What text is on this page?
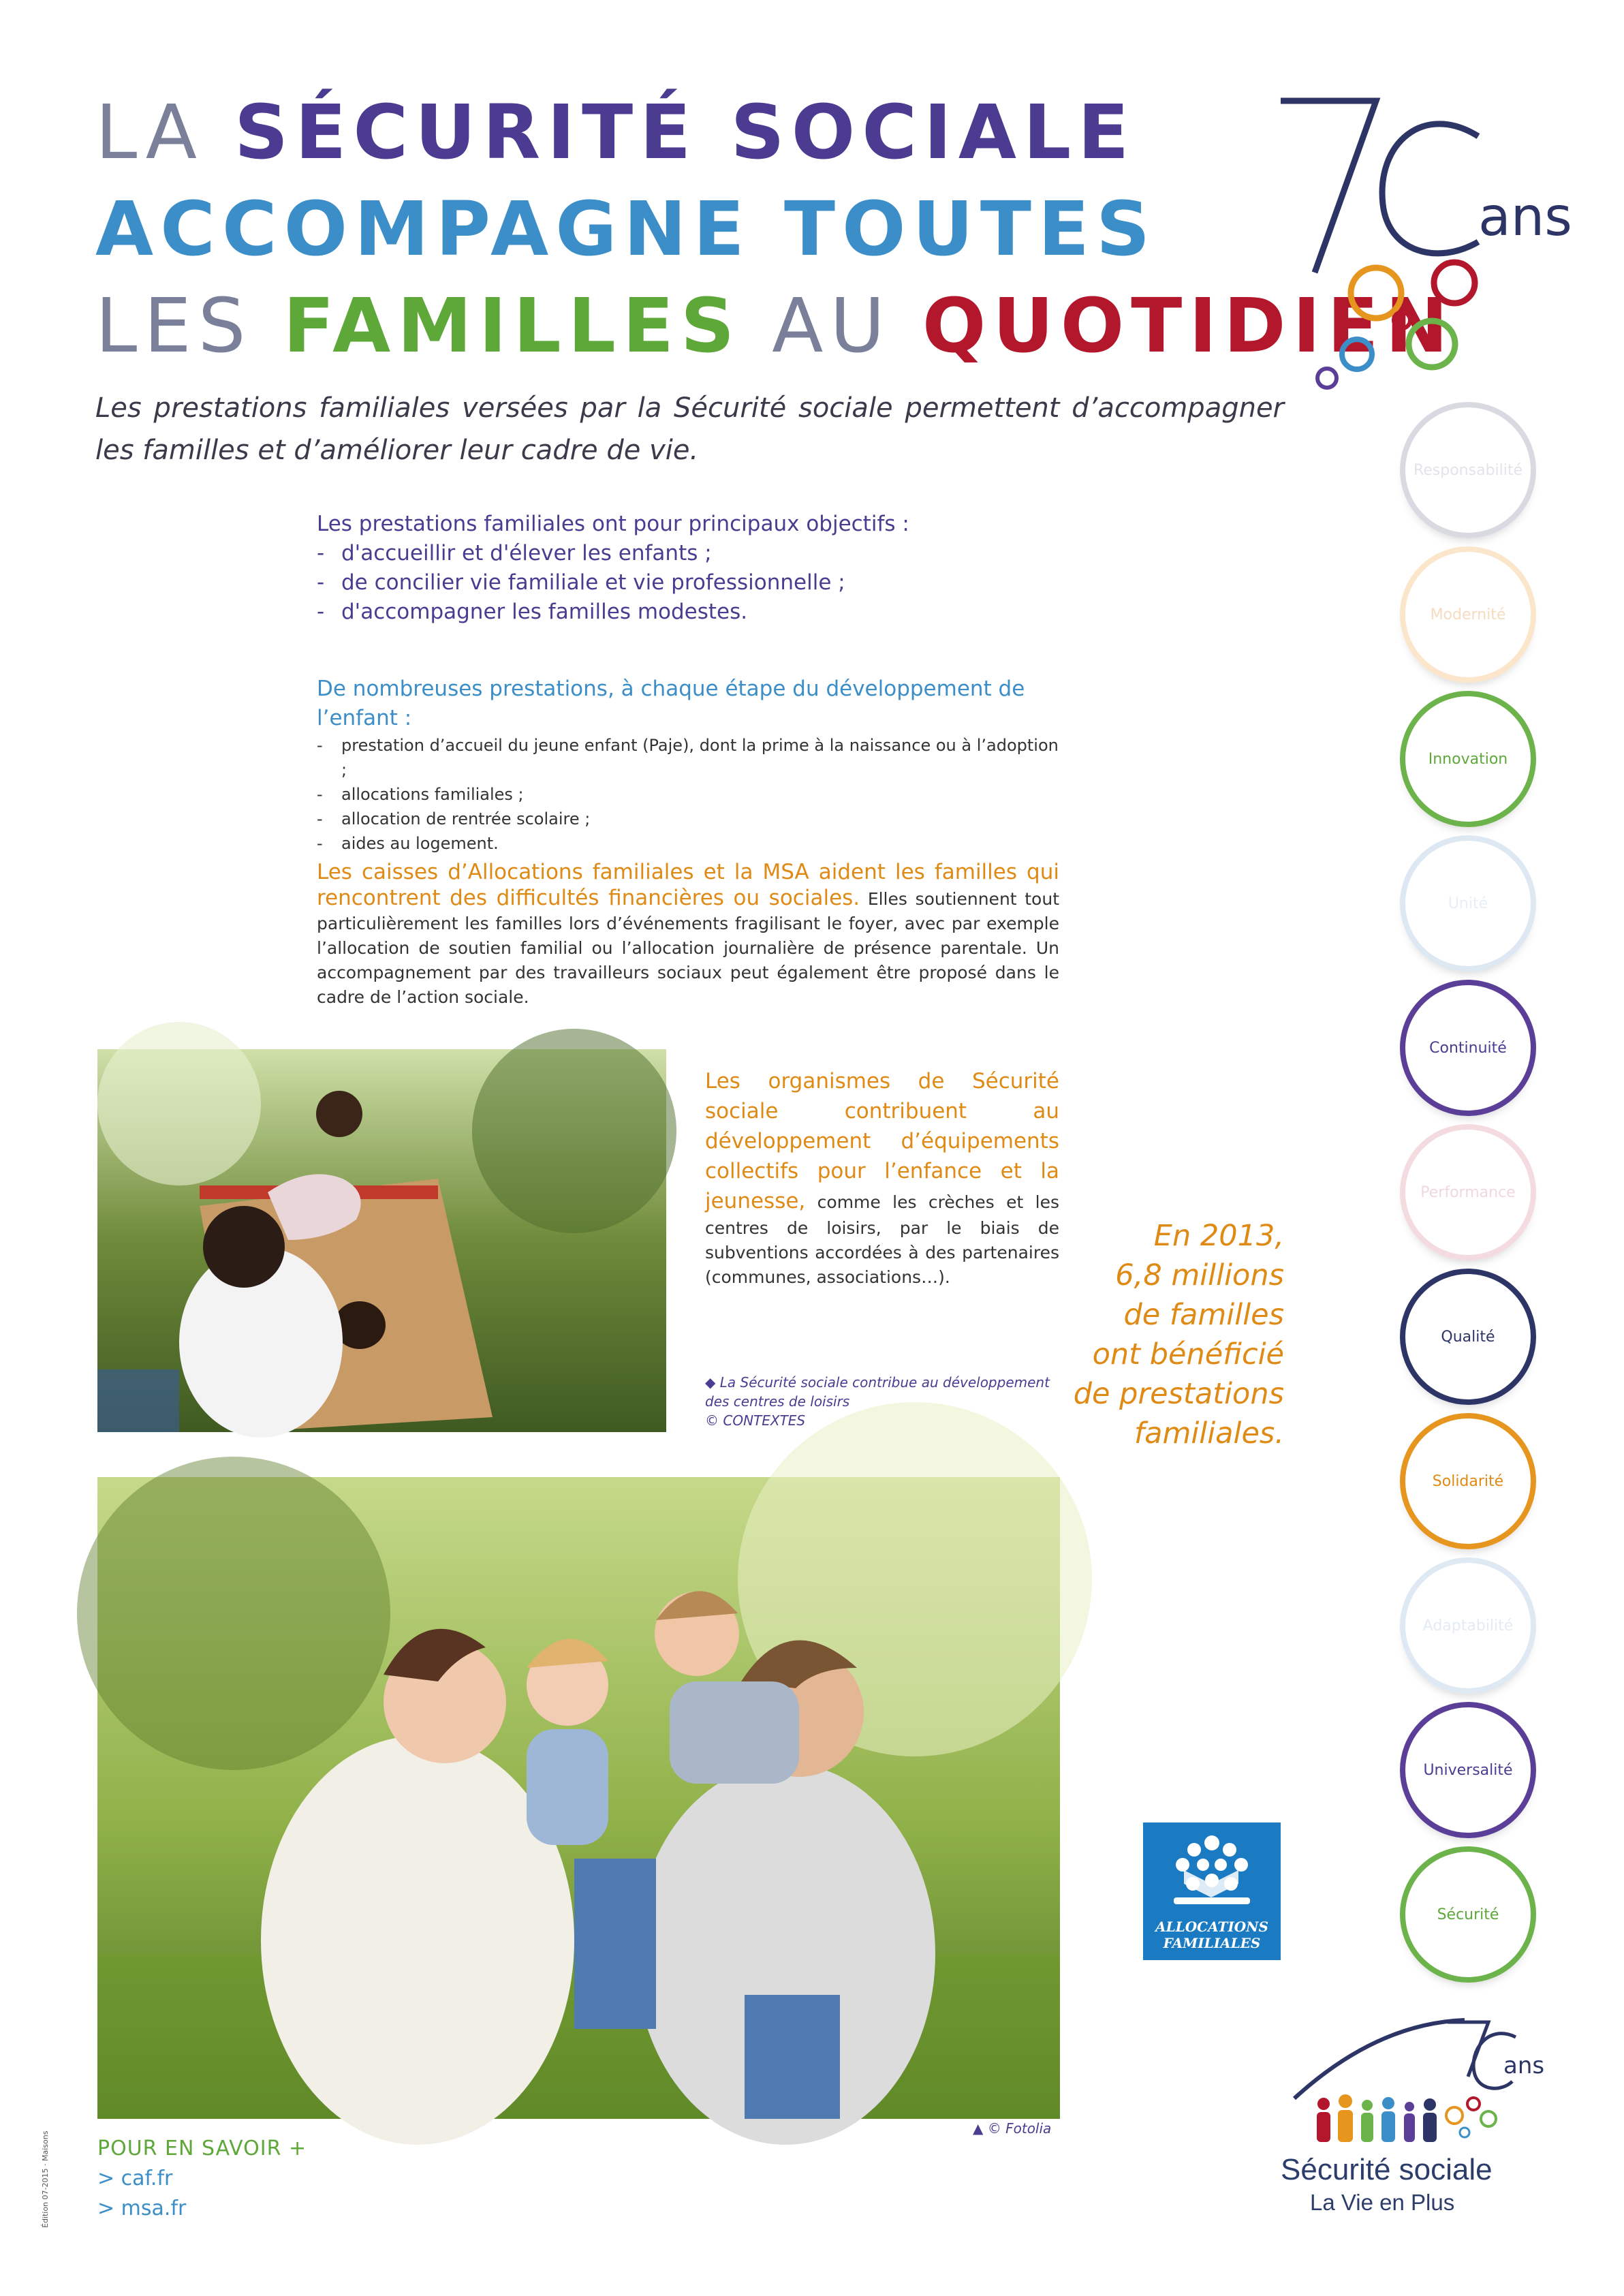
LA SÉCURITÉ SOCIALE
ACCOMPAGNE TOUTES
LES FAMILLES AU QUOTIDIEN
ans
Les prestations familiales versées par la Sécurité sociale permettent d’accompagner les familles et d’améliorer leur cadre de vie.

Les prestations familiales ont pour principaux objectifs :

- d'accueillir et d'élever les enfants ;
- de concilier vie familiale et vie professionnelle ;
- d'accompagner les familles modestes.

De nombreuses prestations, à chaque étape du développement de l’enfant :

- prestation d’accueil du jeune enfant (Paje), dont la prime à la naissance ou à l’adoption ;
- allocations familiales ;
- allocation de rentrée scolaire ;
- aides au logement.
Les caisses d’Allocations familiales et la MSA aident les familles qui rencontrent des difficultés financières ou sociales. Elles soutiennent tout particulièrement les familles lors d’événements fragilisant le foyer, avec par exemple l’allocation de soutien familial ou l’allocation journalière de présence parentale. Un accompagnement par des travailleurs sociaux peut également être proposé dans le cadre de l’action sociale.
Les organismes de Sécurité sociale contribuent au développement d’équipements collectifs pour l’enfance et la jeunesse, comme les crèches et les centres de loisirs, par le biais de subventions accordées à des partenaires (communes, associations…).
◆ La Sécurité sociale contribue au développement des centres de loisirs
© CONTEXTES
En 2013,
6,8 millions
de familles
ont bénéficié
de prestations
familiales.
▲ © Fotolia
POUR EN SAVOIR +
> caf.fr
> msa.fr
Édition 07-2015 · Maisons
Responsabilité
Modernité
Innovation
Unité
Continuité
Performance
Qualité
Solidarité
Adaptabilité
Universalité
Sécurité
ALLOCATIONS
FAMILIALES
ans
Sécurité sociale
La Vie en Plus
